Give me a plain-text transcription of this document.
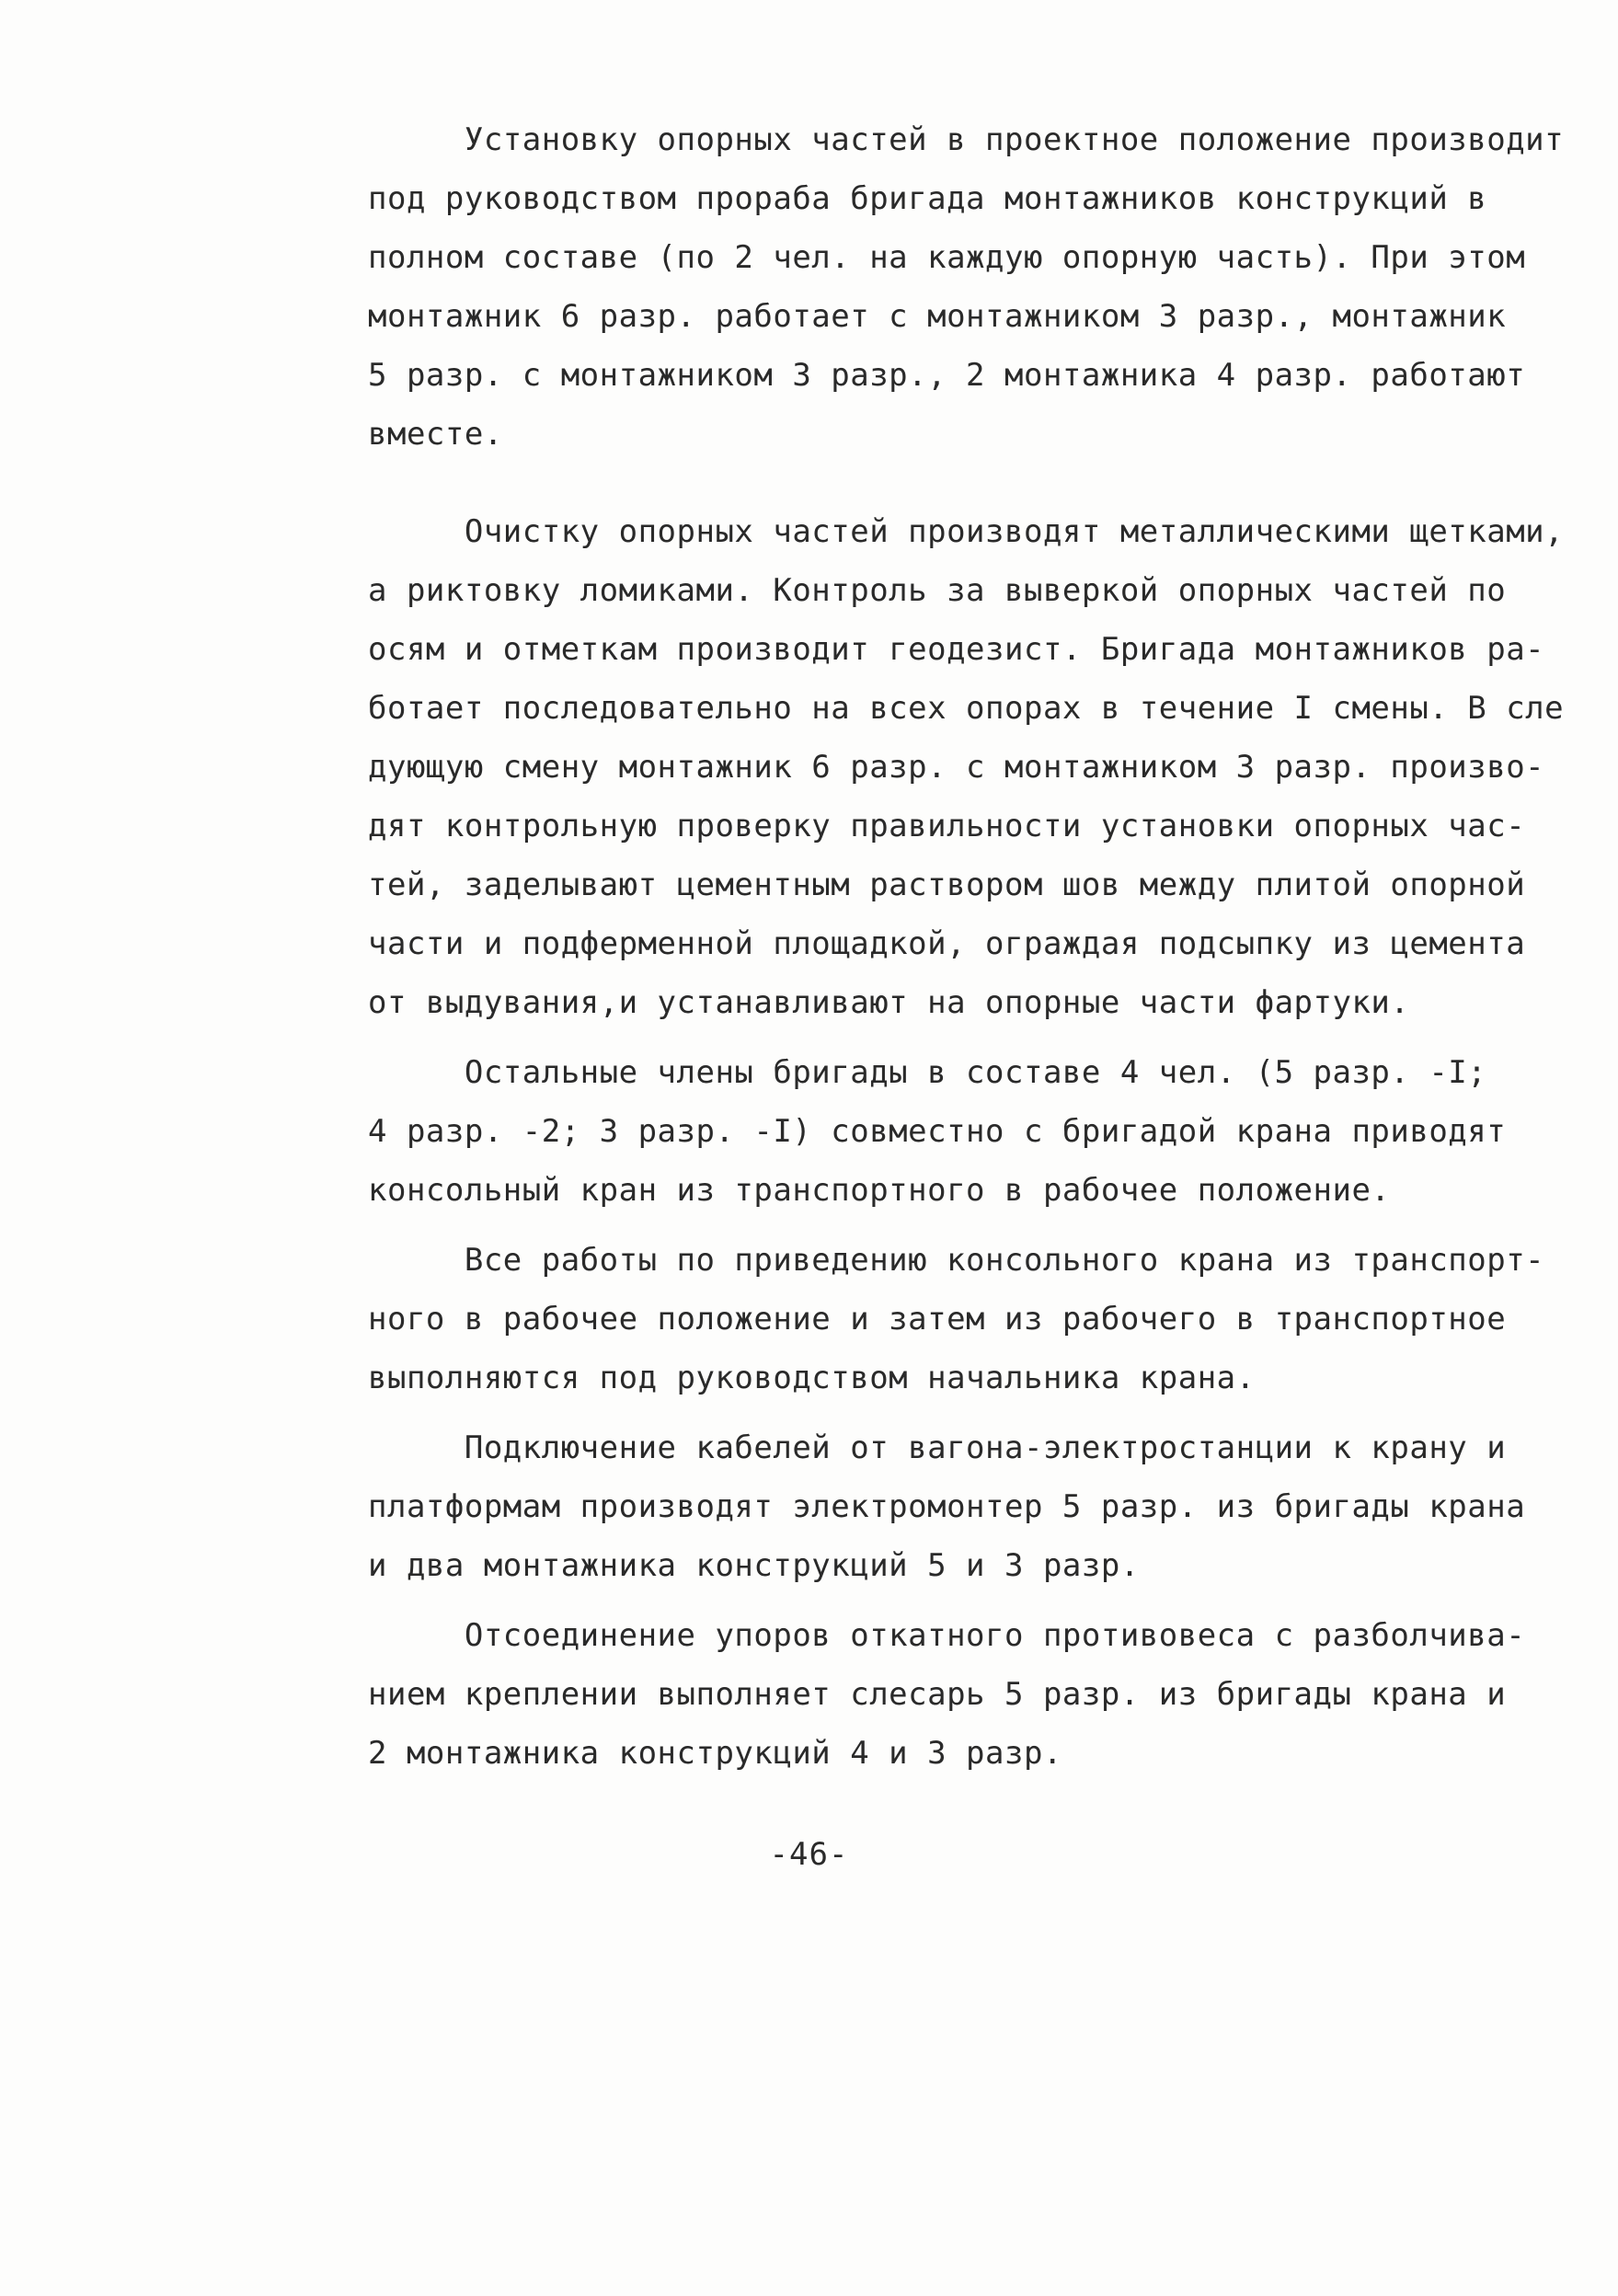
Установку опорных частей в проектное положение производит
под руководством прораба бригада монтажников конструкций в
полном составе (по 2 чел. на каждую опорную часть). При этом
монтажник 6 разр. работает с монтажником 3 разр., монтажник
5 разр. с монтажником 3 разр., 2 монтажника 4 разр. работают
вместе.
Очистку опорных частей производят металлическими щетками,
а риктовку ломиками. Контроль за выверкой опорных частей по
осям и отметкам производит геодезист. Бригада монтажников ра-
ботает последовательно на всех опорах в течение I смены. В сле
дующую смену монтажник 6 разр. с монтажником 3 разр. произво-
дят контрольную проверку правильности установки опорных час-
тей, заделывают цементным раствором шов между плитой опорной
части и подферменной площадкой, ограждая подсыпку из цемента
от выдувания,и устанавливают на опорные части фартуки.
Остальные члены бригады в составе 4 чел. (5 разр. -I;
4 разр. -2; 3 разр. -I) совместно с бригадой крана приводят
консольный кран из транспортного в рабочее положение.
Все работы по приведению консольного крана из транспорт-
ного в рабочее положение и затем из рабочего в транспортное
выполняются под руководством начальника крана.
Подключение кабелей от вагона-электростанции к крану и
платформам производят электромонтер 5 разр. из бригады крана
и два монтажника конструкций 5 и 3 разр.
Отсоединение упоров откатного противовеса с разболчива-
нием креплении выполняет слесарь 5 разр. из бригады крана и
2 монтажника конструкций 4 и 3 разр.
-46-
